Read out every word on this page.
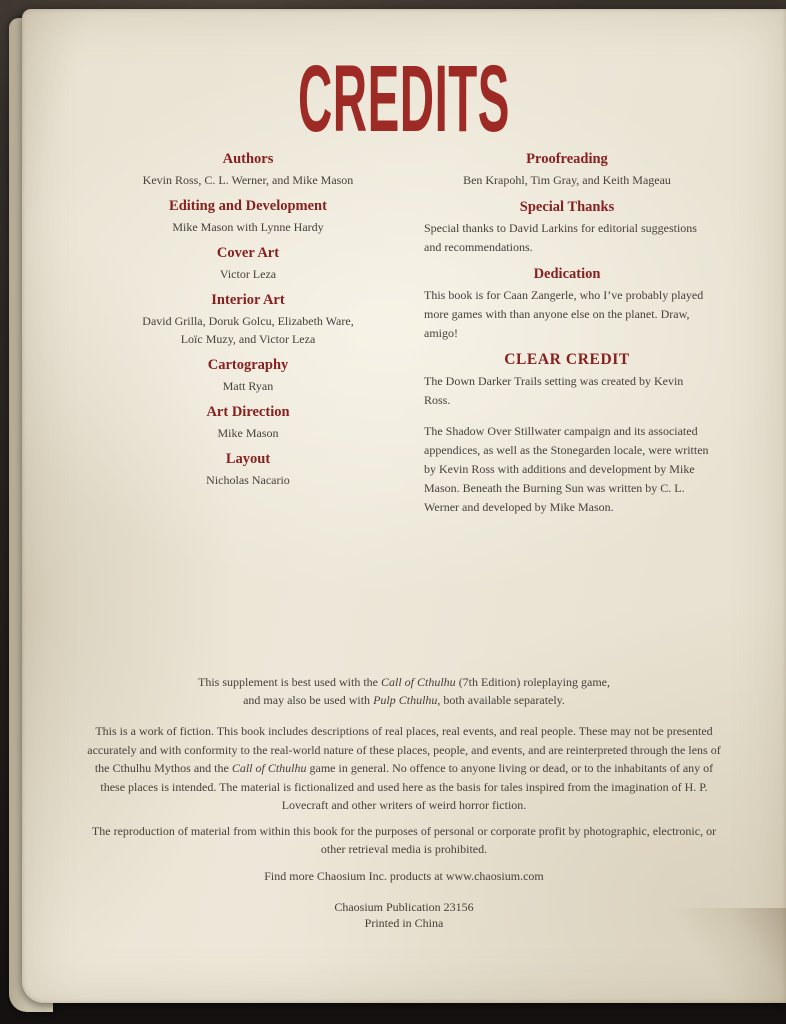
CREDITS
Authors
Kevin Ross, C. L. Werner, and Mike Mason
Editing and Development
Mike Mason with Lynne Hardy
Cover Art
Victor Leza
Interior Art
David Grilla, Doruk Golcu, Elizabeth Ware,
Loïc Muzy, and Victor Leza
Cartography
Matt Ryan
Art Direction
Mike Mason
Layout
Nicholas Nacario
Proofreading

Ben Krapohl, Tim Gray, and Keith Mageau

Special Thanks

Special thanks to David Larkins for editorial suggestions and recommendations.

Dedication

This book is for Caan Zangerle, who I’ve probably played more games with than anyone else on the planet. Draw, amigo!

CLEAR CREDIT

The Down Darker Trails setting was created by Kevin Ross.

The Shadow Over Stillwater campaign and its associated appendices, as well as the Stonegarden locale, were written by Kevin Ross with additions and development by Mike Mason. Beneath the Burning Sun was written by C. L. Werner and developed by Mike Mason.

This supplement is best used with the Call of Cthulhu (7th Edition) roleplaying game,
and may also be used with Pulp Cthulhu, both available separately.
This is a work of fiction. This book includes descriptions of real places, real events, and real people. These may not be presented accurately and with conformity to the real-world nature of these places, people, and events, and are reinterpreted through the lens of the Cthulhu Mythos and the Call of Cthulhu game in general. No offence to anyone living or dead, or to the inhabitants of any of these places is intended. The material is fictionalized and used here as the basis for tales inspired from the imagination of H. P. Lovecraft and other writers of weird horror fiction.
The reproduction of material from within this book for the purposes of personal or corporate profit by photographic, electronic, or other retrieval media is prohibited.
Find more Chaosium Inc. products at www.chaosium.com
Chaosium Publication 23156
Printed in China
